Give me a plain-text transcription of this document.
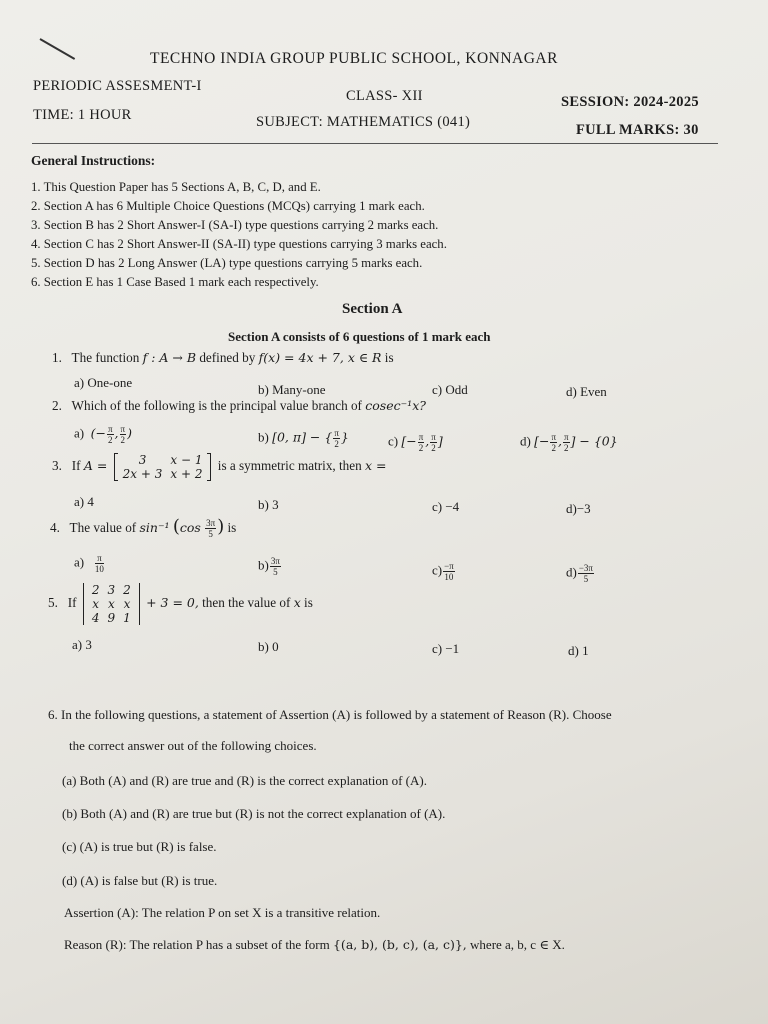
TECHNO INDIA GROUP PUBLIC SCHOOL, KONNAGAR
PERIODIC ASSESMENT-I
CLASS- XII	SESSION: 2024-2025
TIME: 1 HOUR	SUBJECT: MATHEMATICS (041)	FULL MARKS: 30
General Instructions:
1. This Question Paper has 5 Sections A, B, C, D, and E.
2. Section A has 6 Multiple Choice Questions (MCQs) carrying 1 mark each.
3. Section B has 2 Short Answer-I (SA-I) type questions carrying 2 marks each.
4. Section C has 2 Short Answer-II (SA-II) type questions carrying 3 marks each.
5. Section D has 2 Long Answer (LA) type questions carrying 5 marks each.
6. Section E has 1 Case Based 1 mark each respectively.
Section A
Section A consists of 6 questions of 1 mark each
1. The function f : A → B defined by f(x) = 4x + 7, x ∈ R is
a) One-one	b) Many-one	c) Odd	d) Even
2. Which of the following is the principal value branch of cosec⁻¹x?
a) (− $\frac{\pi}{2}$ , $\frac{\pi}{2}$ )	b) [0, π] − { $\frac{\pi}{2}$ }	c) [− $\frac{\pi}{2}$ , $\frac{\pi}{2}$ ]	d) [− $\frac{\pi}{2}$ , $\frac{\pi}{2}$ ] − {0}
3. If A =	3	x − 1
2x + 3	x + 2
is a symmetric matrix, then x =
a) 4	b) 3	c) −4	d)−3
4. The value of sin⁻¹ ($\cos \frac{3\pi}{5}$ ) is
$a) \frac{\pi}{10}$	$b) \frac{3\pi}{5}$	$c) \frac{-\pi}{10}$	$d) \frac{-3\pi}{5}$
5. If
2	3	2
x	x	x
4	9	1
+ 3 = 0, then the value of x is
a) 3	b) 0	c) −1	d) 1
6. In the following questions, a statement of Assertion (A) is followed by a statement of Reason (R). Choose
the correct answer out of the following choices.
(a) Both (A) and (R) are true and (R) is the correct explanation of (A).
(b) Both (A) and (R) are true but (R) is not the correct explanation of (A).
(c) (A) is true but (R) is false.
(d) (A) is false but (R) is true.
Assertion (A): The relation P on set X is a transitive relation.
Reason (R): The relation P has a subset of the form {(a, b), (b, c), (a, c)}, where a, b, c ∈ X.
